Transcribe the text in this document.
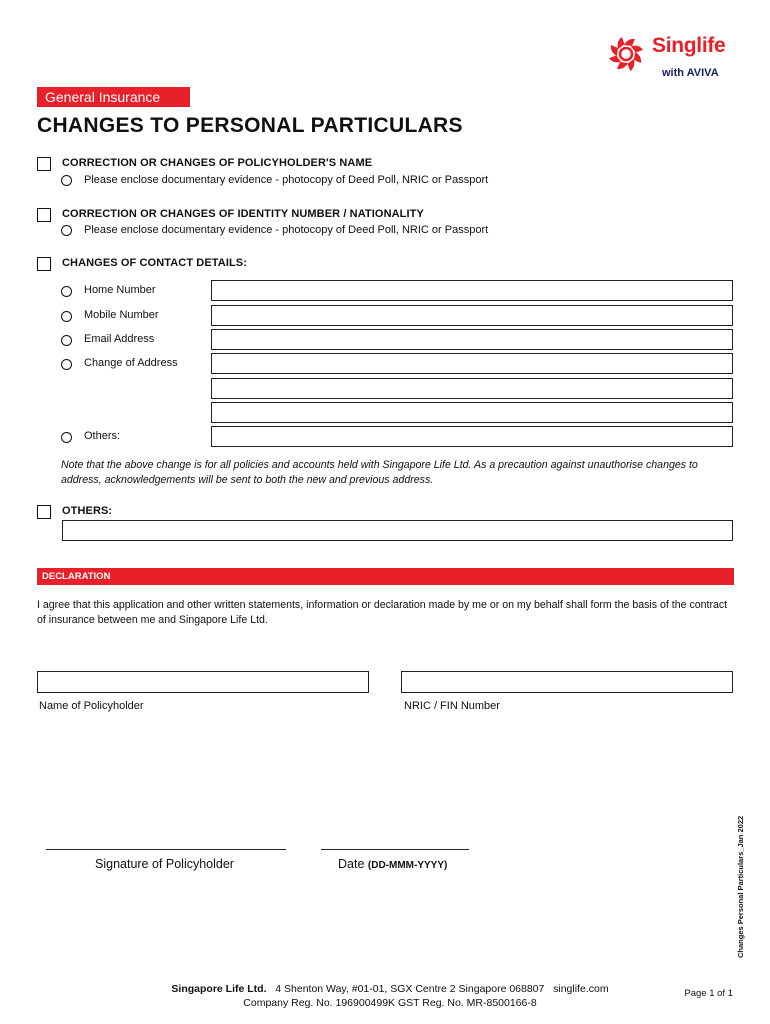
Singlife
with AVIVA
General Insurance
CHANGES TO PERSONAL PARTICULARS
CORRECTION OR CHANGES OF POLICYHOLDER'S NAME
Please enclose documentary evidence - photocopy of Deed Poll, NRIC or Passport
CORRECTION OR CHANGES OF IDENTITY NUMBER / NATIONALITY
Please enclose documentary evidence - photocopy of Deed Poll, NRIC or Passport
CHANGES OF CONTACT DETAILS:
Home Number
Mobile Number
Email Address
Change of Address
Others:
Note that the above change is for all policies and accounts held with Singapore Life Ltd. As a precaution against unauthorise changes to address, acknowledgements will be sent to both the new and previous address.
OTHERS:
DECLARATION
I agree that this application and other written statements, information or declaration made by me or on my behalf shall form the basis of the contract of insurance between me and Singapore Life Ltd.
Name of Policyholder	NRIC / FIN Number
Signature of Policyholder	Date (DD-MMM-YYYY)	Changes Personal Particulars_Jan 2022
Singapore Life Ltd. 4 Shenton Way, #01-01, SGX Centre 2 Singapore 068807 singlife.com
Company Reg. No. 196900499K GST Reg. No. MR-8500166-8
Page 1 of 1
